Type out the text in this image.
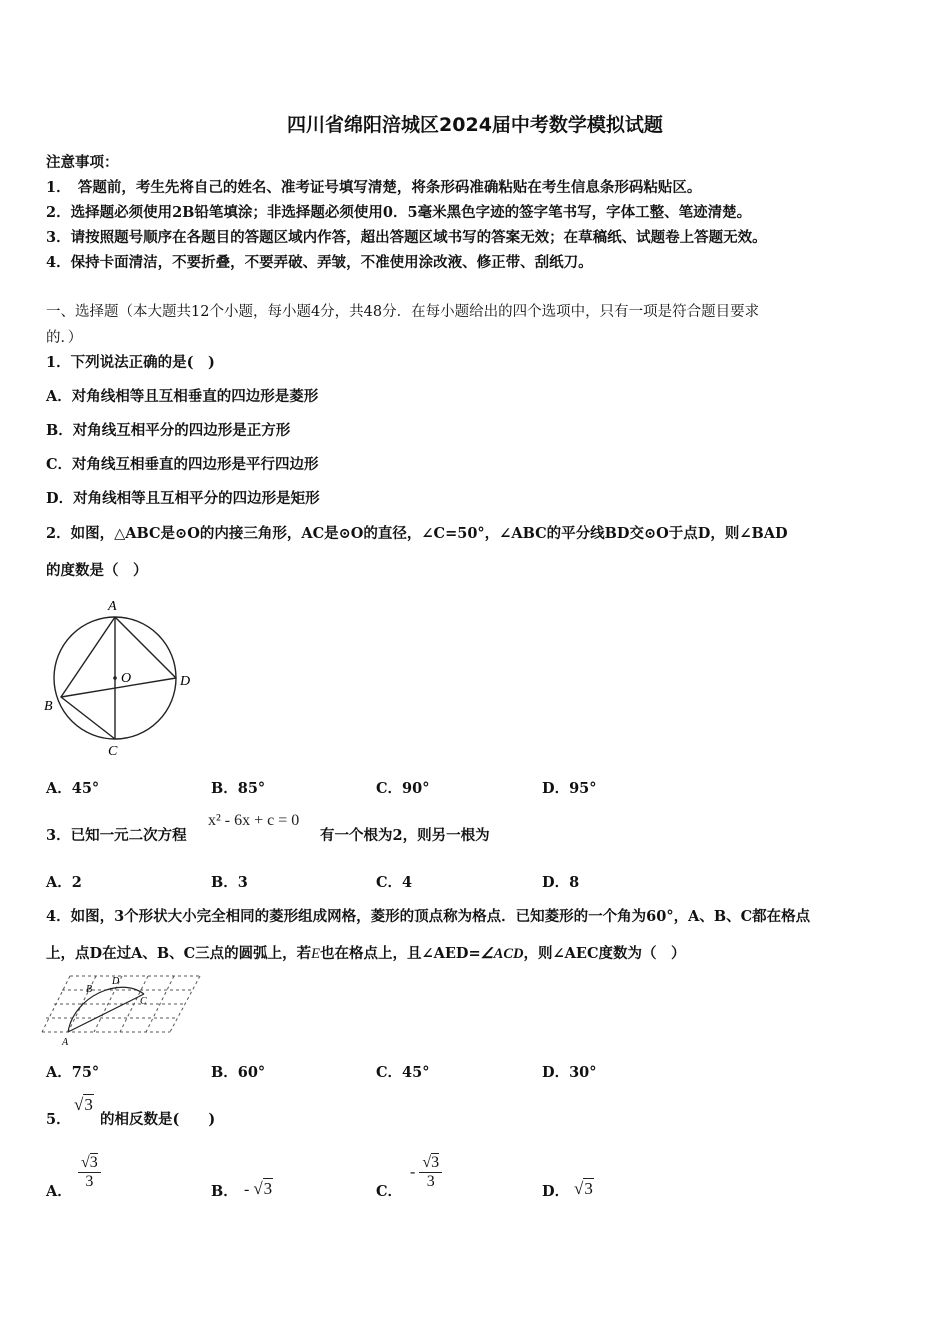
四川省绵阳涪城区2024届中考数学模拟试题
注意事项：
1．　答题前，考生先将自己的姓名、准考证号填写清楚，将条形码准确粘贴在考生信息条形码粘贴区。
2．选择题必须使用2B铅笔填涂；非选择题必须使用0．5毫米黑色字迹的签字笔书写，字体工整、笔迹清楚。
3．请按照题号顺序在各题目的答题区域内作答，超出答题区域书写的答案无效；在草稿纸、试题卷上答题无效。
4．保持卡面清洁，不要折叠，不要弄破、弄皱，不准使用涂改液、修正带、刮纸刀。
一、选择题（本大题共12个小题，每小题4分，共48分．在每小题给出的四个选项中，只有一项是符合题目要求
的．）
1．下列说法正确的是(　)
A．对角线相等且互相垂直的四边形是菱形
B．对角线互相平分的四边形是正方形
C．对角线互相垂直的四边形是平行四边形
D．对角线相等且互相平分的四边形是矩形
2．如图，△ABC是⊙O的内接三角形，AC是⊙O的直径，∠C=50°，∠ABC的平分线BD交⊙O于点D，则∠BAD
的度数是（　）
A
B
C
D
O
A．45°	B．85°	C．90°	D．95°
3．已知一元二次方程
x² - 6x + c = 0
有一个根为2，则另一根为
A．2	B．3	C．4	D．8
4．如图，3个形状大小完全相同的菱形组成网格，菱形的顶点称为格点．已知菱形的一个角为60°，A、B、C都在格点
上，点D在过A、B、C三点的圆弧上，若E也在格点上，且∠AED=∠ACD，则∠AEC度数为（　）
A
B
D
C
A．75°	B．60°	C．45°	D．30°
5．
√3
的相反数是(　　)
A．
$\frac{√3}{3}$
B． - √3	C．
- $\frac{√3}{3}$
D． √3
